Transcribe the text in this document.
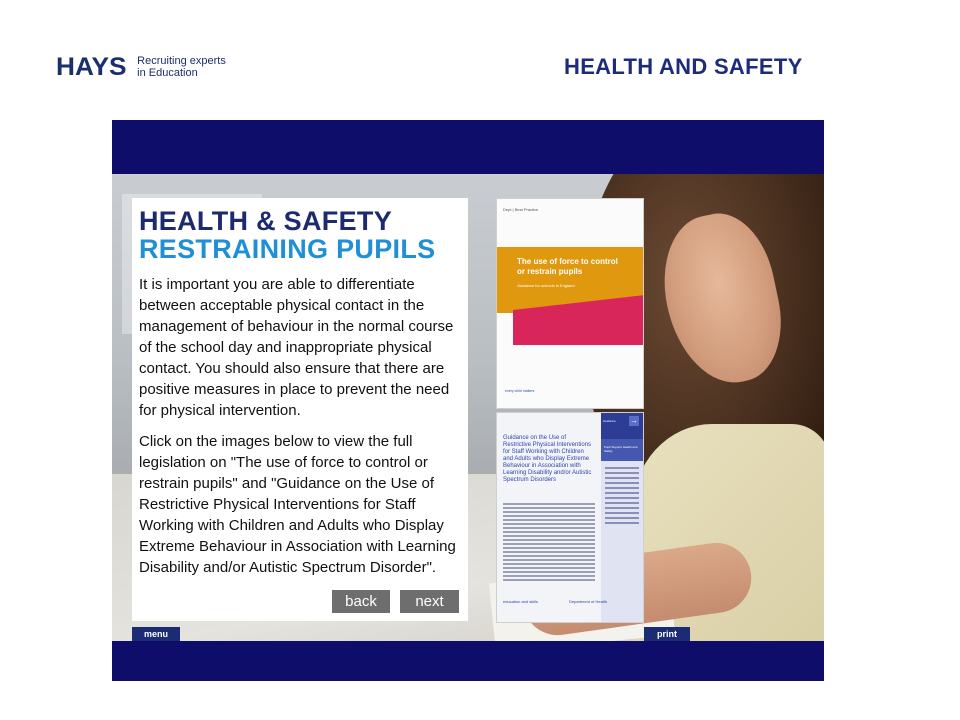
HAYS Recruiting experts
in Education	HEALTH AND SAFETY
HEALTH & SAFETY
RESTRAINING PUPILS
It is important you are able to differentiate between acceptable physical contact in the management of behaviour in the normal course of the school day and inappropriate physical contact. You should also ensure that there are positive measures in place to prevent the need for physical intervention.
Click on the images below to view the full legislation on "The use of force to control or restrain pupils" and "Guidance on the Use of Restrictive Physical Interventions for Staff Working with Children and Adults who Display Extreme Behaviour in Association with Learning Disability and/or Autistic Spectrum Disorder".
back	next
Dept | Best Practice
The use of force to control or restrain pupils
Guidance for schools in England
every child matters
Guidance →
Pupil Support Health and Safety
Guidance on the Use of Restrictive Physical Interventions for Staff Working with Children and Adults who Display Extreme Behaviour in Association with Learning Disability and/or Autistic Spectrum Disorders
education and skills	Department of Health
menu	print
